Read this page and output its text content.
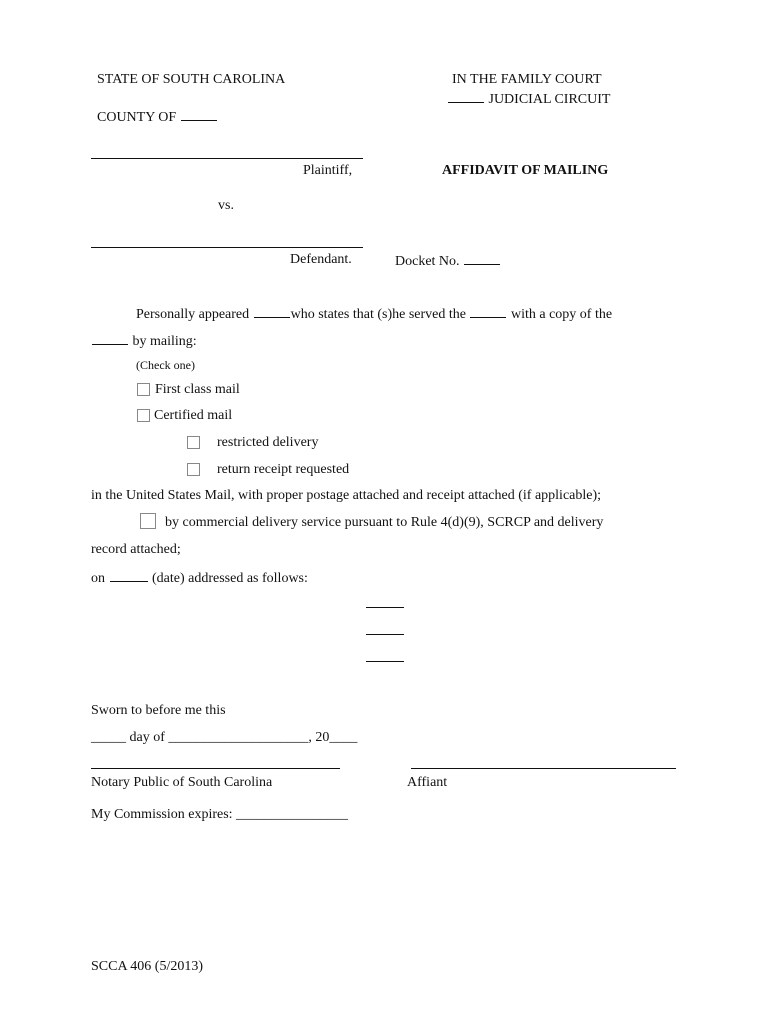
STATE OF SOUTH CAROLINA	IN THE FAMILY COURT
JUDICIAL CIRCUIT
COUNTY OF
Plaintiff,	AFFIDAVIT OF MAILING
vs.
Defendant.	Docket No.
Personally appeared	who states that (s)he served the	with a copy of the
by mailing:
(Check one)
First class mail
Certified mail
restricted delivery
return receipt requested
in the United States Mail, with proper postage attached and receipt attached (if applicable);
by commercial delivery service pursuant to Rule 4(d)(9), SCRCP and delivery
record attached;
on	(date) addressed as follows:
Sworn to before me this
_____ day of ____________________, 20____
Notary Public of South Carolina	Affiant
My Commission expires: ________________
SCCA 406 (5/2013)
